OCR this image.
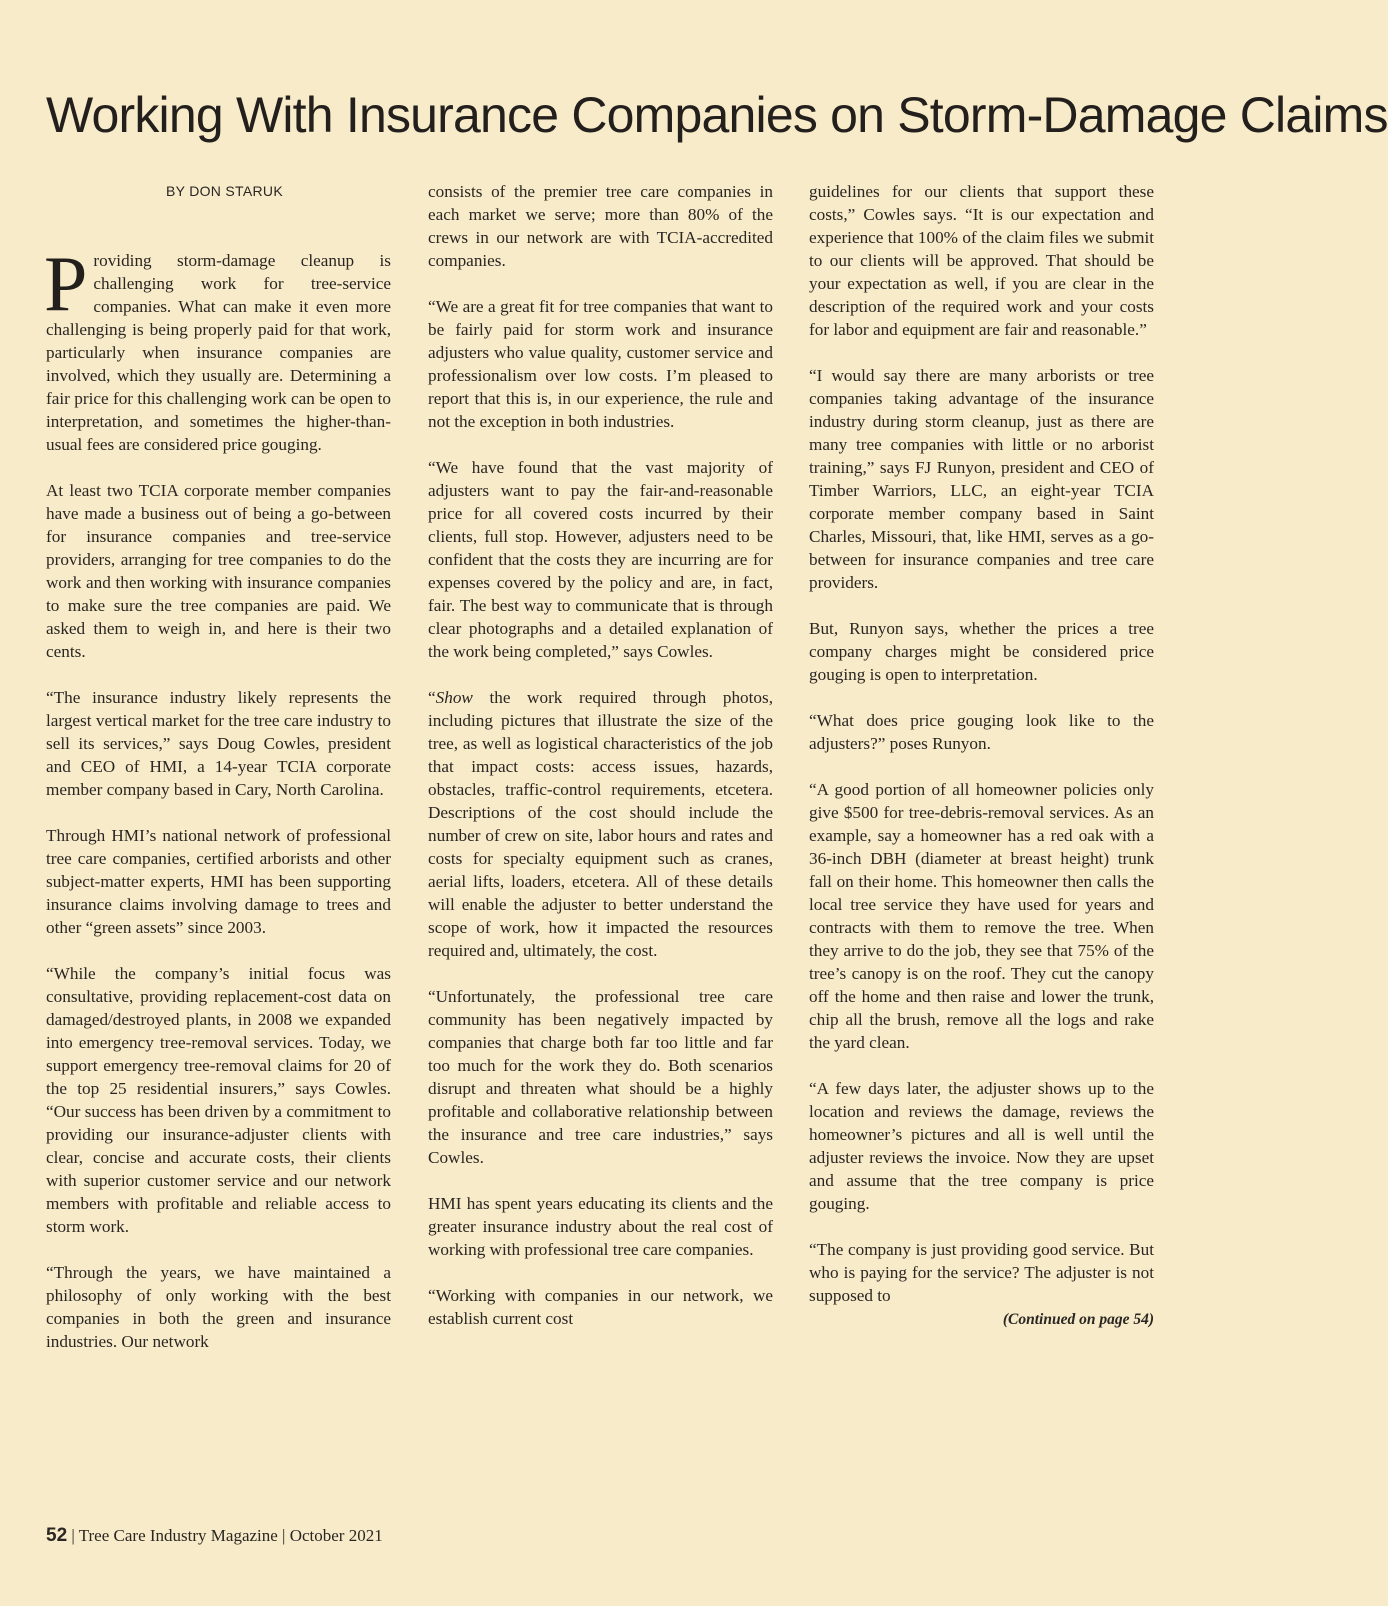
Working With Insurance Companies on Storm-Damage Claims
BY DON STARUK

Providing storm-damage cleanup is challenging work for tree-service companies. What can make it even more challenging is being properly paid for that work, particularly when insurance companies are involved, which they usually are. Determining a fair price for this challenging work can be open to interpretation, and sometimes the higher-than-usual fees are considered price gouging.

At least two TCIA corporate member companies have made a business out of being a go-between for insurance companies and tree-service providers, arranging for tree companies to do the work and then working with insurance companies to make sure the tree companies are paid. We asked them to weigh in, and here is their two cents.

“The insurance industry likely represents the largest vertical market for the tree care industry to sell its services,” says Doug Cowles, president and CEO of HMI, a 14-year TCIA corporate member company based in Cary, North Carolina.

Through HMI’s national network of professional tree care companies, certified arborists and other subject-matter experts, HMI has been supporting insurance claims involving damage to trees and other “green assets” since 2003.

“While the company’s initial focus was consultative, providing replacement-cost data on damaged/destroyed plants, in 2008 we expanded into emergency tree-removal services. Today, we support emergency tree-removal claims for 20 of the top 25 residential insurers,” says Cowles. “Our success has been driven by a commitment to providing our insurance-adjuster clients with clear, concise and accurate costs, their clients with superior customer service and our network members with profitable and reliable access to storm work.

“Through the years, we have maintained a philosophy of only working with the best companies in both the green and insurance industries. Our network

consists of the premier tree care companies in each market we serve; more than 80% of the crews in our network are with TCIA-accredited companies.

“We are a great fit for tree companies that want to be fairly paid for storm work and insurance adjusters who value quality, customer service and professionalism over low costs. I’m pleased to report that this is, in our experience, the rule and not the exception in both industries.

“We have found that the vast majority of adjusters want to pay the fair-and-reasonable price for all covered costs incurred by their clients, full stop. However, adjusters need to be confident that the costs they are incurring are for expenses covered by the policy and are, in fact, fair. The best way to communicate that is through clear photographs and a detailed explanation of the work being completed,” says Cowles.

“Show the work required through photos, including pictures that illustrate the size of the tree, as well as logistical characteristics of the job that impact costs: access issues, hazards, obstacles, traffic-control requirements, etcetera. Descriptions of the cost should include the number of crew on site, labor hours and rates and costs for specialty equipment such as cranes, aerial lifts, loaders, etcetera. All of these details will enable the adjuster to better understand the scope of work, how it impacted the resources required and, ultimately, the cost.

“Unfortunately, the professional tree care community has been negatively impacted by companies that charge both far too little and far too much for the work they do. Both scenarios disrupt and threaten what should be a highly profitable and collaborative relationship between the insurance and tree care industries,” says Cowles.

HMI has spent years educating its clients and the greater insurance industry about the real cost of working with professional tree care companies.

“Working with companies in our network, we establish current cost

guidelines for our clients that support these costs,” Cowles says. “It is our expectation and experience that 100% of the claim files we submit to our clients will be approved. That should be your expectation as well, if you are clear in the description of the required work and your costs for labor and equipment are fair and reasonable.”

“I would say there are many arborists or tree companies taking advantage of the insurance industry during storm cleanup, just as there are many tree companies with little or no arborist training,” says FJ Runyon, president and CEO of Timber Warriors, LLC, an eight-year TCIA corporate member company based in Saint Charles, Missouri, that, like HMI, serves as a go-between for insurance companies and tree care providers.

But, Runyon says, whether the prices a tree company charges might be considered price gouging is open to interpretation.

“What does price gouging look like to the adjusters?” poses Runyon.

“A good portion of all homeowner policies only give $500 for tree-debris-removal services. As an example, say a homeowner has a red oak with a 36-inch DBH (diameter at breast height) trunk fall on their home. This homeowner then calls the local tree service they have used for years and contracts with them to remove the tree. When they arrive to do the job, they see that 75% of the tree’s canopy is on the roof. They cut the canopy off the home and then raise and lower the trunk, chip all the brush, remove all the logs and rake the yard clean.

“A few days later, the adjuster shows up to the location and reviews the damage, reviews the homeowner’s pictures and all is well until the adjuster reviews the invoice. Now they are upset and assume that the tree company is price gouging.

“The company is just providing good service. But who is paying for the service? The adjuster is not supposed to

(Continued on page 54)
52 | Tree Care Industry Magazine | October 2021
